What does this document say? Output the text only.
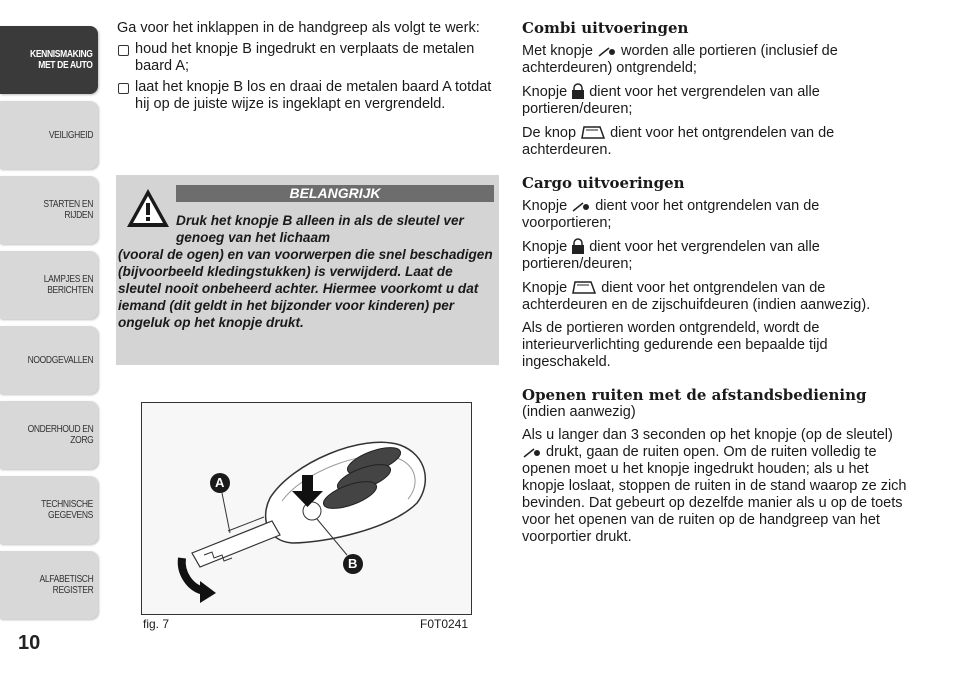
KENNISMAKING
MET DE AUTO
VEILIGHEID
STARTEN EN RIJDEN
LAMPJES EN
BERICHTEN
NOODGEVALLEN
ONDERHOUD EN
ZORG
TECHNISCHE
GEGEVENS
ALFABETISCH
REGISTER
10

Ga voor het inklappen in de handgreep als volgt te werk:

houd het knopje B ingedrukt en verplaats de metalen baard A;

laat het knopje B los en draai de metalen baard A totdat hij op de juiste wijze is ingeklapt en vergrendeld.

BELANGRIJK
Druk het knopje B alleen in als de sleutel ver genoeg van het lichaam
(vooral de ogen) en van voorwerpen die snel beschadigen (bijvoorbeeld kledingstukken) is verwijderd. Laat de sleutel nooit onbeheerd achter. Hiermee voorkomt u dat iemand (dit geldt in het bijzonder voor kinderen) per ongeluk op het knopje drukt.
A
B
fig. 7	F0T0241

Combi uitvoeringen

Met knopje worden alle portieren (inclusief de achterdeuren) ontgrendeld;

Knopje dient voor het vergrendelen van alle portieren/deuren;

De knop dient voor het ontgrendelen van de achterdeuren.

Cargo uitvoeringen

Knopje dient voor het ontgrendelen van de voorportieren;

Knopje dient voor het vergrendelen van alle portieren/deuren;

Knopje dient voor het ontgrendelen van de achterdeuren en de zijschuifdeuren (indien aanwezig).

Als de portieren worden ontgrendeld, wordt de interieurverlichting gedurende een bepaalde tijd ingeschakeld.

Openen ruiten met de afstandsbediening

(indien aanwezig)

Als u langer dan 3 seconden op het knopje (op de sleutel)  drukt, gaan de ruiten open. Om de ruiten volledig te openen moet u het knopje ingedrukt houden; als u het knopje loslaat, stoppen de ruiten in de stand waarop ze zich bevinden. Dat gebeurt op dezelfde manier als u op de toets voor het openen van de ruiten op de handgreep van het voorportier drukt.
